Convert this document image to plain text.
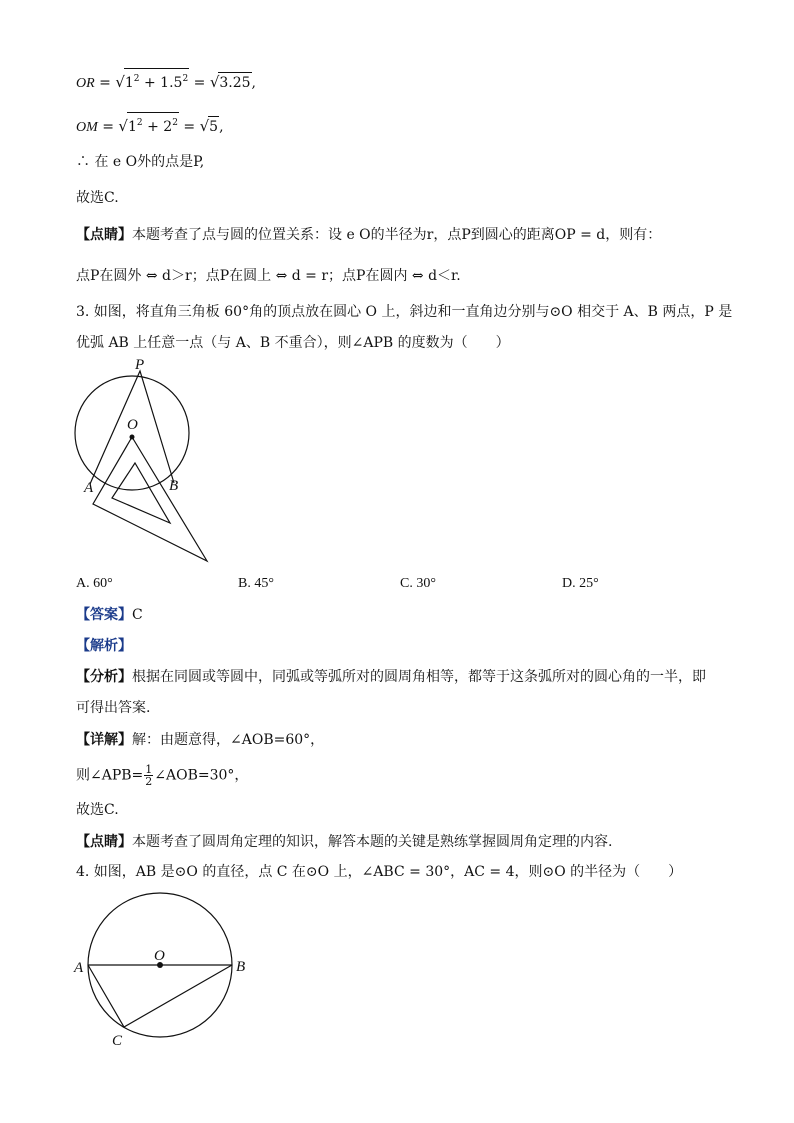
OR = $√1^2 + 1.5^2 = √3.25$,
OM = $√1^2 + 2^2 = √5$,
∴ 在 e O外的点是P,
故选C.
【点睛】本题考查了点与圆的位置关系：设 e O的半径为r，点P到圆心的距离OP = d，则有：
点P在圆外 ⇔ d＞r；点P在圆上 ⇔ d = r；点P在圆内 ⇔ d＜r.
3. 如图，将直角三角板 60°角的顶点放在圆心 O 上，斜边和一直角边分别与⊙O 相交于 A、B 两点，P 是
优弧 AB 上任意一点（与 A、B 不重合），则∠APB 的度数为（　　）
P
O
A	B
A. 60°	B. 45°	C. 30°	D. 25°
【答案】C
【解析】
【分析】根据在同圆或等圆中，同弧或等弧所对的圆周角相等，都等于这条弧所对的圆心角的一半，即
可得出答案.
【详解】解：由题意得，∠AOB=60°，
则∠APB= $\frac{1}{2}$ ∠AOB=30°，
故选C.
【点睛】本题考查了圆周角定理的知识，解答本题的关键是熟练掌握圆周角定理的内容.
4. 如图，AB 是⊙O 的直径，点 C 在⊙O 上，∠ABC = 30°，AC = 4，则⊙O 的半径为（　　）
O
A	B
C
